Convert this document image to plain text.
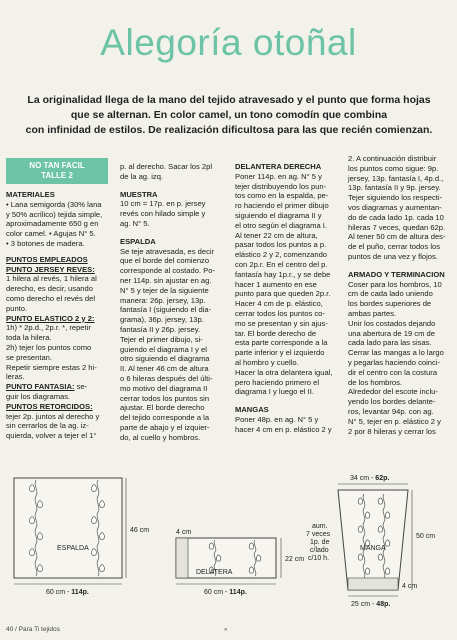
Alegoría otoñal
La originalidad llega de la mano del tejido atravesado y el punto que forma hojas
que se alternan. En color camel, un tono comodín que combina
con infinidad de estilos. De realización dificultosa para las que recién comienzan.
NO TAN FACIL
TALLE 2
MATERIALES
• Lana semigorda (30% lana
y 50% acrílico) tejida simple,
aproximadamente 650 g en
color camel. • Agujas N° 5.
• 3 botones de madera.
PUNTOS EMPLEADOS
PUNTO JERSEY REVES:
1 hilera al revés, 1 hilera al
derecho, es decir, usando
como derecho el revés del
punto.
PUNTO ELASTICO 2 y 2:
1h) * 2p.d., 2p.r. *, repetir
toda la hilera.
2h) tejer los puntos como
se presentan.
Repetir siempre estas 2 hi-
leras.
PUNTO FANTASIA: se-
guir los diagramas.
PUNTOS RETORCIDOS:
tejer 2p. juntos al derecho y
sin cerrarlos de la ag. iz-
quierda, volver a tejer el 1°
p. al derecho. Sacar los 2pl
de la ag. izq.
MUESTRA
10 cm = 17p. en p. jersey
revés con hilado simple y
ag. N° 5.
ESPALDA
Se teje atravesada, es decir
que el borde del comienzo
corresponde al costado. Po-
ner 114p. sin ajustar en ag.
N° 5 y tejer de la siguiente
manera: 26p. jersey, 13p.
fantasía I (siguiendo el dia-
grama), 36p. jersey, 13p.
fantasía II y 26p. jersey.
Tejer el primer dibujo, si-
guiendo el diagrama I y el
otro siguiendo el diagrama
II. Al tener 46 cm de altura
o 6 hileras después del últi-
mo motivo del diagrama II
cerrar todos los puntos sin
ajustar. El borde derecho
del tejido corresponde a la
parte de abajo y el izquier-
do, al cuello y hombros.
DELANTERA DERECHA
Poner 114p. en ag. N° 5 y
tejer distribuyendo los pun-
tos como en la espalda, pe-
ro haciendo el primer dibujo
siguiendo el diagrama II y
el otro según el diagrama I.
Al tener 22 cm de altura,
pasar todos los puntos a p.
elástico 2 y 2, comenzando
con 2p.r. En el centro del p.
fantasía hay 1p.r., y se debe
hacer 1 aumento en ese
punto para que queden 2p.r.
Hacer 4 cm de p. elástico,
cerrar todos los puntos co-
mo se presentan y sin ajus-
tar. El borde derecho de
esta parte corresponde a la
parte inferior y el izquierdo
al hombro y cuello.
Hacer la otra delantera igual,
pero haciendo primero el
diagrama I y luego el II.
MANGAS
Poner 48p. en ag. N° 5 y
hacer 4 cm en p. elástico 2 y
2. A continuación distribuir
los puntos como sigue: 9p.
jersey, 13p. fantasía I, 4p.d.,
13p. fantasía II y 9p. jersey.
Tejer siguiendo los respecti-
vos diagramas y aumentan-
do de cada lado 1p. cada 10
hileras 7 veces, quedan 62p.
Al tener 50 cm de altura des-
de el puño, cerrar todos los
puntos de una vez y flojos.
ARMADO Y TERMINACION
Coser para los hombros, 10
cm de cada lado uniendo
los bordes superiores de
ambas partes.
Unir los costados dejando
una abertura de 19 cm de
cada lado para las sisas.
Cerrar las mangas a lo largo
y pegarlas haciendo coinci-
dir el centro con la costura
de los hombros.
Alrededor del escote inclu-
yendo los bordes delante-
ros, levantar 94p. con ag.
N° 5, tejer en p. elástico 2 y
2 por 8 hileras y cerrar los
ESPALDA
46 cm
60 cm - 114p.
DELATERA
22 cm
4 cm
60 cm - 114p.
MANGA
34 cm - 62p.
50 cm
4 cm
25 cm - 48p.
aum.
7 veces
1p. de
c/lado
c/10 h.
40 / Para Ti tejidos	»
